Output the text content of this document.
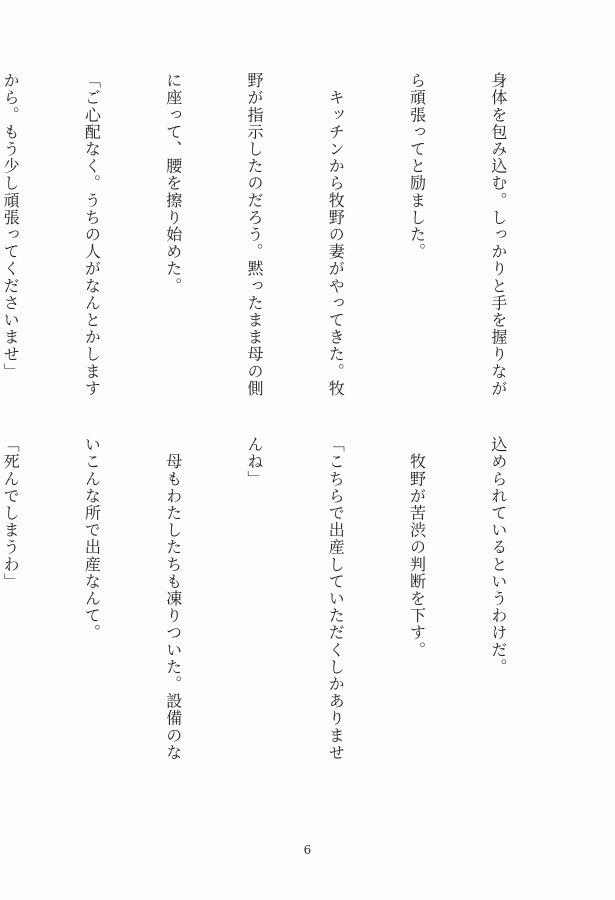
身体を包み込む。しっかりと手を握りなが

ら頑張ってと励ました。

　キッチンから牧野の妻がやってきた。牧

野が指示したのだろう。黙ったまま母の側

に座って、腰を擦り始めた。

「ご心配なく。うちの人がなんとかします

から。もう少し頑張ってくださいませ」

込められているというわけだ。

　牧野が苦渋の判断を下す。

「こちらで出産していただくしかありませ

んね」

　母もわたしたちも凍りついた。設備のな

いこんな所で出産なんて。

「死んでしまうわ」

6
